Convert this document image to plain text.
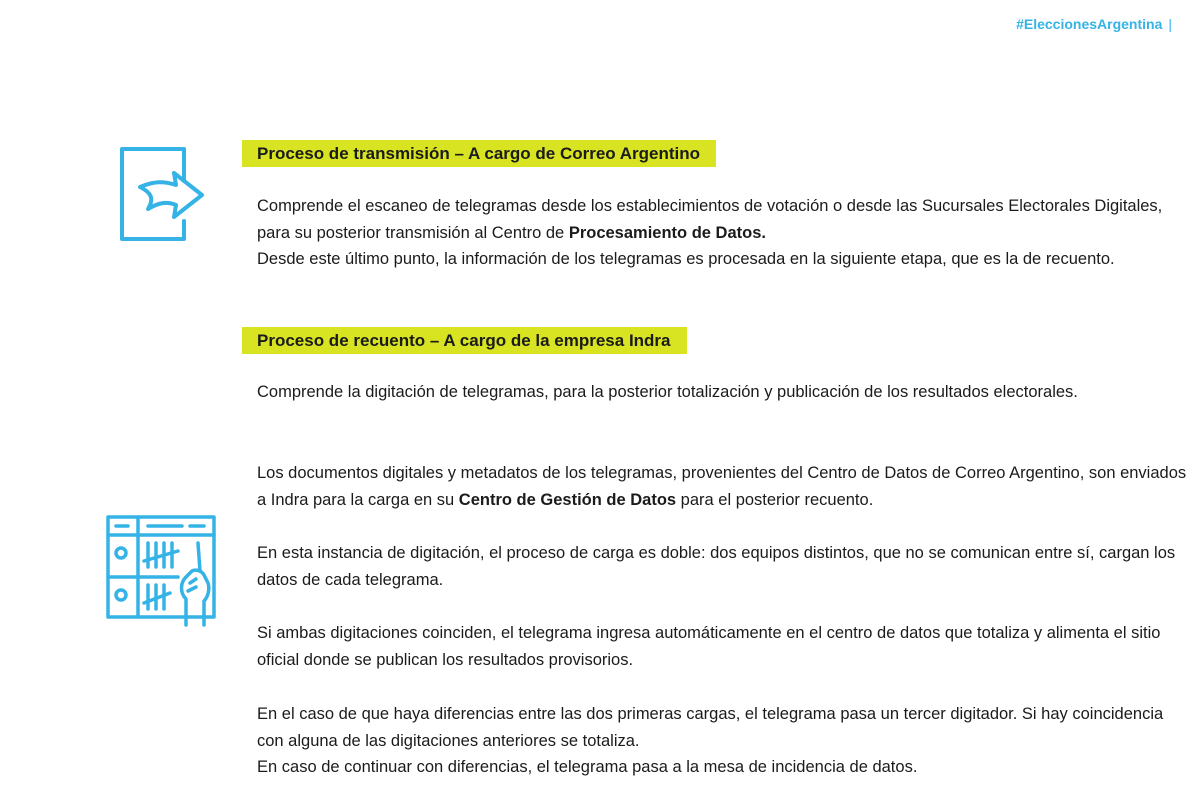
#EleccionesArgentina |
Proceso de transmisión – A cargo de Correo Argentino

Comprende el escaneo de telegramas desde los establecimientos de votación o desde las Sucursales Electorales Digitales, para su posterior transmisión al Centro de Procesamiento de Datos.
Desde este último punto, la información de los telegramas es procesada en la siguiente etapa, que es la de recuento.

Proceso de recuento – A cargo de la empresa Indra

Comprende la digitación de telegramas, para la posterior totalización y publicación de los resultados electorales.

Los documentos digitales y metadatos de los telegramas, provenientes del Centro de Datos de Correo Argentino, son enviados a Indra para la carga en su Centro de Gestión de Datos para el posterior recuento.

En esta instancia de digitación, el proceso de carga es doble: dos equipos distintos, que no se comunican entre sí, cargan los datos de cada telegrama.

Si ambas digitaciones coinciden, el telegrama ingresa automáticamente en el centro de datos que totaliza y alimenta el sitio oficial donde se publican los resultados provisorios.

En el caso de que haya diferencias entre las dos primeras cargas, el telegrama pasa un tercer digitador. Si hay coincidencia con alguna de las digitaciones anteriores se totaliza.
En caso de continuar con diferencias, el telegrama pasa a la mesa de incidencia de datos.
